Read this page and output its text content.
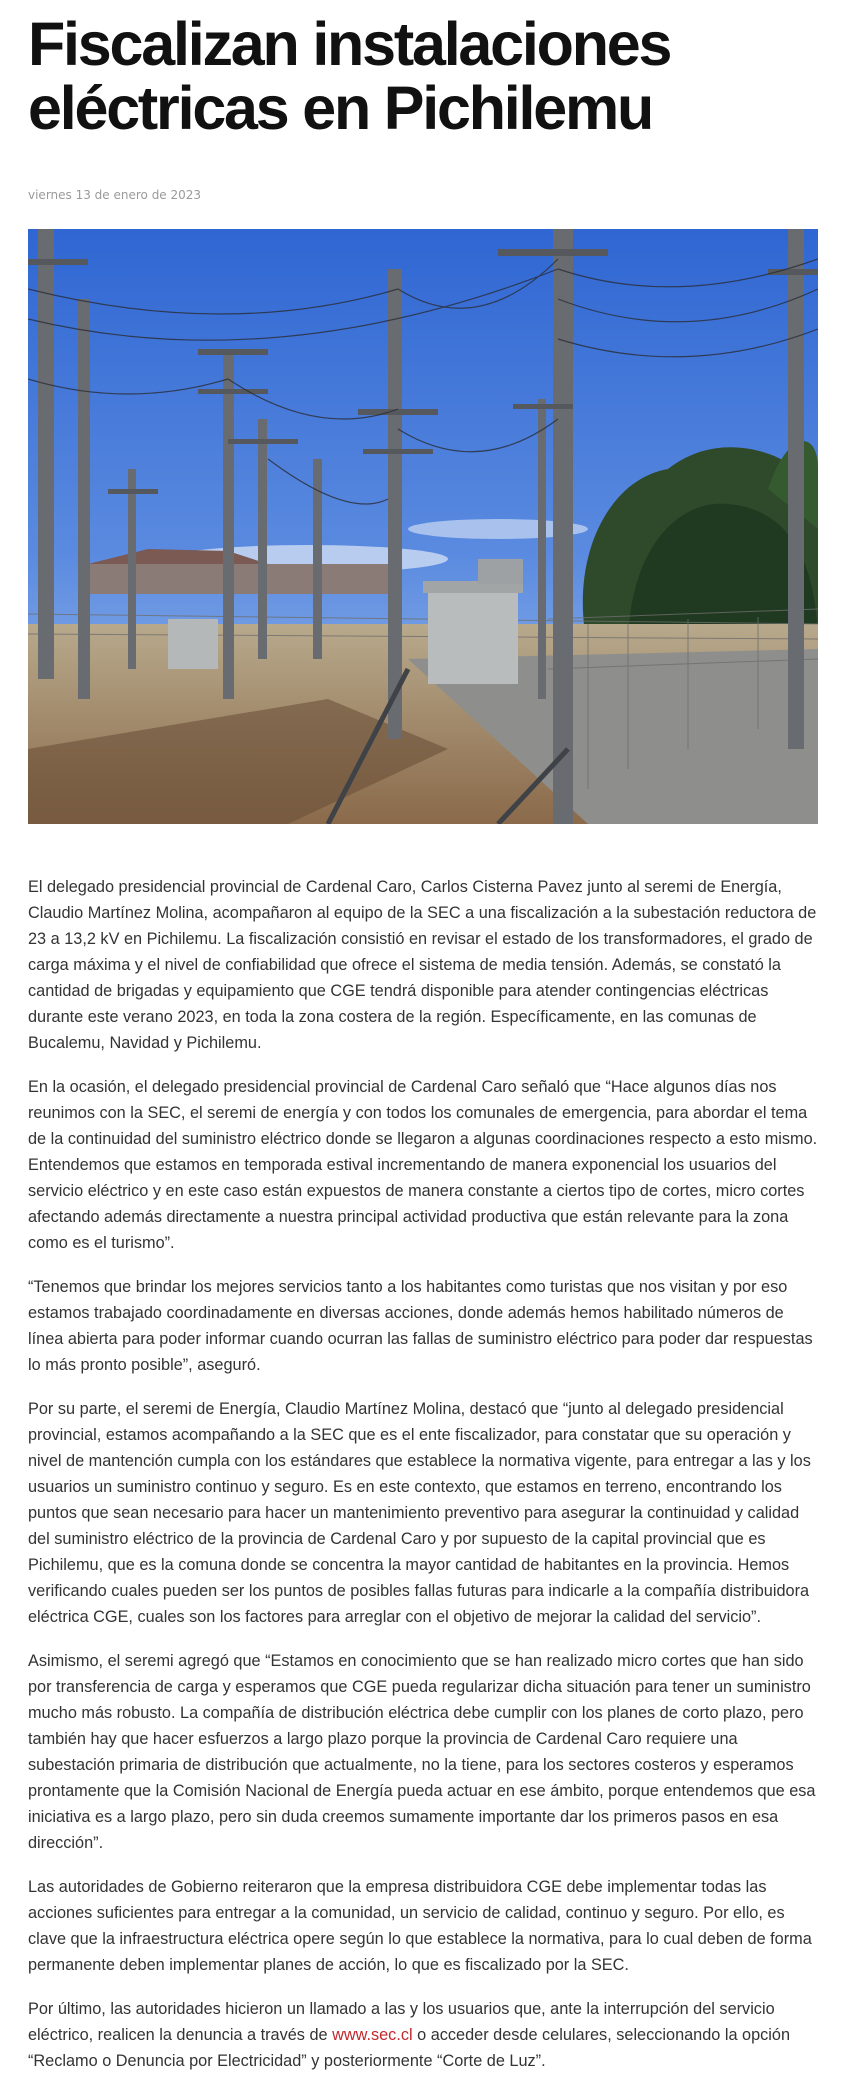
Fiscalizan instalaciones eléctricas en Pichilemu
viernes 13 de enero de 2023

El delegado presidencial provincial de Cardenal Caro, Carlos Cisterna Pavez junto al seremi de Energía, Claudio Martínez Molina, acompañaron al equipo de la SEC a una fiscalización a la subestación reductora de 23 a 13,2 kV en Pichilemu. La fiscalización consistió en revisar el estado de los transformadores, el grado de carga máxima y el nivel de confiabilidad que ofrece el sistema de media tensión. Además, se constató la cantidad de brigadas y equipamiento que CGE tendrá disponible para atender contingencias eléctricas durante este verano 2023, en toda la zona costera de la región. Específicamente, en las comunas de Bucalemu, Navidad y Pichilemu.

En la ocasión, el delegado presidencial provincial de Cardenal Caro señaló que “Hace algunos días nos reunimos con la SEC, el seremi de energía y con todos los comunales de emergencia, para abordar el tema de la continuidad del suministro eléctrico donde se llegaron a algunas coordinaciones respecto a esto mismo. Entendemos que estamos en temporada estival incrementando de manera exponencial los usuarios del servicio eléctrico y en este caso están expuestos de manera constante a ciertos tipo de cortes, micro cortes afectando además directamente a nuestra principal actividad productiva que están relevante para la zona como es el turismo”.

“Tenemos que brindar los mejores servicios tanto a los habitantes como turistas que nos visitan y por eso estamos trabajado coordinadamente en diversas acciones, donde además hemos habilitado números de línea abierta para poder informar cuando ocurran las fallas de suministro eléctrico para poder dar respuestas lo más pronto posible”, aseguró.

Por su parte, el seremi de Energía, Claudio Martínez Molina, destacó que “junto al delegado presidencial provincial, estamos acompañando a la SEC que es el ente fiscalizador, para constatar que su operación y nivel de mantención cumpla con los estándares que establece la normativa vigente, para entregar a las y los usuarios un suministro continuo y seguro. Es en este contexto, que estamos en terreno, encontrando los puntos que sean necesario para hacer un mantenimiento preventivo para asegurar la continuidad y calidad del suministro eléctrico de la provincia de Cardenal Caro y por supuesto de la capital provincial que es Pichilemu, que es la comuna donde se concentra la mayor cantidad de habitantes en la provincia. Hemos verificando cuales pueden ser los puntos de posibles fallas futuras para indicarle a la compañía distribuidora eléctrica CGE, cuales son los factores para arreglar con el objetivo de mejorar la calidad del servicio”.

Asimismo, el seremi agregó que “Estamos en conocimiento que se han realizado micro cortes que han sido por transferencia de carga y esperamos que CGE pueda regularizar dicha situación para tener un suministro mucho más robusto. La compañía de distribución eléctrica debe cumplir con los planes de corto plazo, pero también hay que hacer esfuerzos a largo plazo porque la provincia de Cardenal Caro requiere una subestación primaria de distribución que actualmente, no la tiene, para los sectores costeros y esperamos prontamente que la Comisión Nacional de Energía pueda actuar en ese ámbito, porque entendemos que esa iniciativa es a largo plazo, pero sin duda creemos sumamente importante dar los primeros pasos en esa dirección”.

Las autoridades de Gobierno reiteraron que la empresa distribuidora CGE debe implementar todas las acciones suficientes para entregar a la comunidad, un servicio de calidad, continuo y seguro. Por ello, es clave que la infraestructura eléctrica opere según lo que establece la normativa, para lo cual deben de forma permanente deben implementar planes de acción, lo que es fiscalizado por la SEC.

Por último, las autoridades hicieron un llamado a las y los usuarios que, ante la interrupción del servicio eléctrico, realicen la denuncia a través de www.sec.cl o acceder desde celulares, seleccionando la opción “Reclamo o Denuncia por Electricidad” y posteriormente “Corte de Luz”.
